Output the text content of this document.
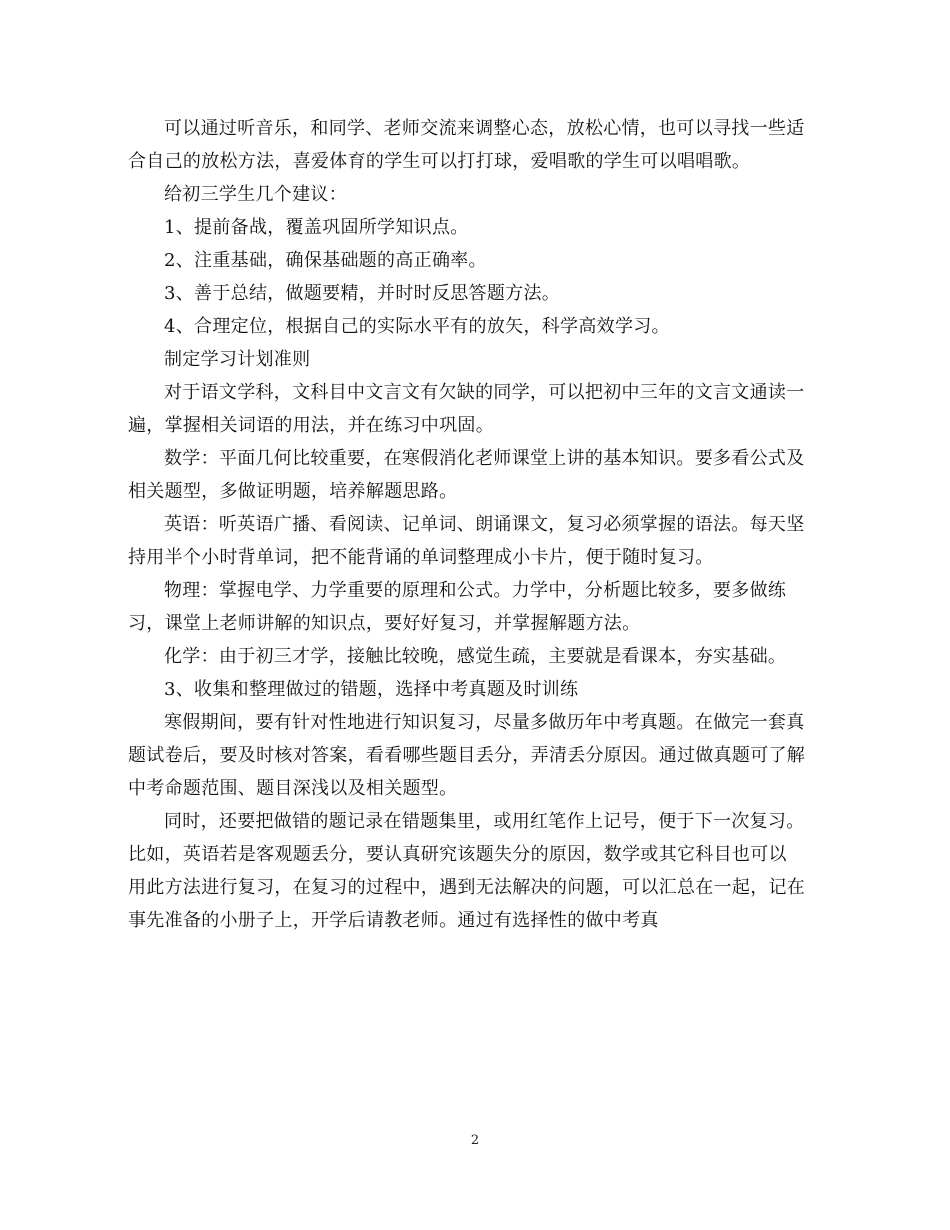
可以通过听音乐，和同学、老师交流来调整心态，放松心情，也可以寻找一些适合自己的放松方法，喜爱体育的学生可以打打球，爱唱歌的学生可以唱唱歌。

给初三学生几个建议：

1、提前备战，覆盖巩固所学知识点。

2、注重基础，确保基础题的高正确率。

3、善于总结，做题要精，并时时反思答题方法。

4、合理定位，根据自己的实际水平有的放矢，科学高效学习。

制定学习计划准则

对于语文学科，文科目中文言文有欠缺的同学，可以把初中三年的文言文通读一遍，掌握相关词语的用法，并在练习中巩固。

数学：平面几何比较重要，在寒假消化老师课堂上讲的基本知识。要多看公式及相关题型，多做证明题，培养解题思路。

英语：听英语广播、看阅读、记单词、朗诵课文，复习必须掌握的语法。每天坚持用半个小时背单词，把不能背诵的单词整理成小卡片，便于随时复习。

物理：掌握电学、力学重要的原理和公式。力学中，分析题比较多，要多做练习，课堂上老师讲解的知识点，要好好复习，并掌握解题方法。

化学：由于初三才学，接触比较晚，感觉生疏，主要就是看课本，夯实基础。

3、收集和整理做过的错题，选择中考真题及时训练

寒假期间，要有针对性地进行知识复习，尽量多做历年中考真题。在做完一套真题试卷后，要及时核对答案，看看哪些题目丢分，弄清丢分原因。通过做真题可了解中考命题范围、题目深浅以及相关题型。

同时，还要把做错的题记录在错题集里，或用红笔作上记号，便于下一次复习。比如，英语若是客观题丢分，要认真研究该题失分的原因，数学或其它科目也可以 用此方法进行复习，在复习的过程中，遇到无法解决的问题，可以汇总在一起，记在事先准备的小册子上，开学后请教老师。通过有选择性的做中考真

2
